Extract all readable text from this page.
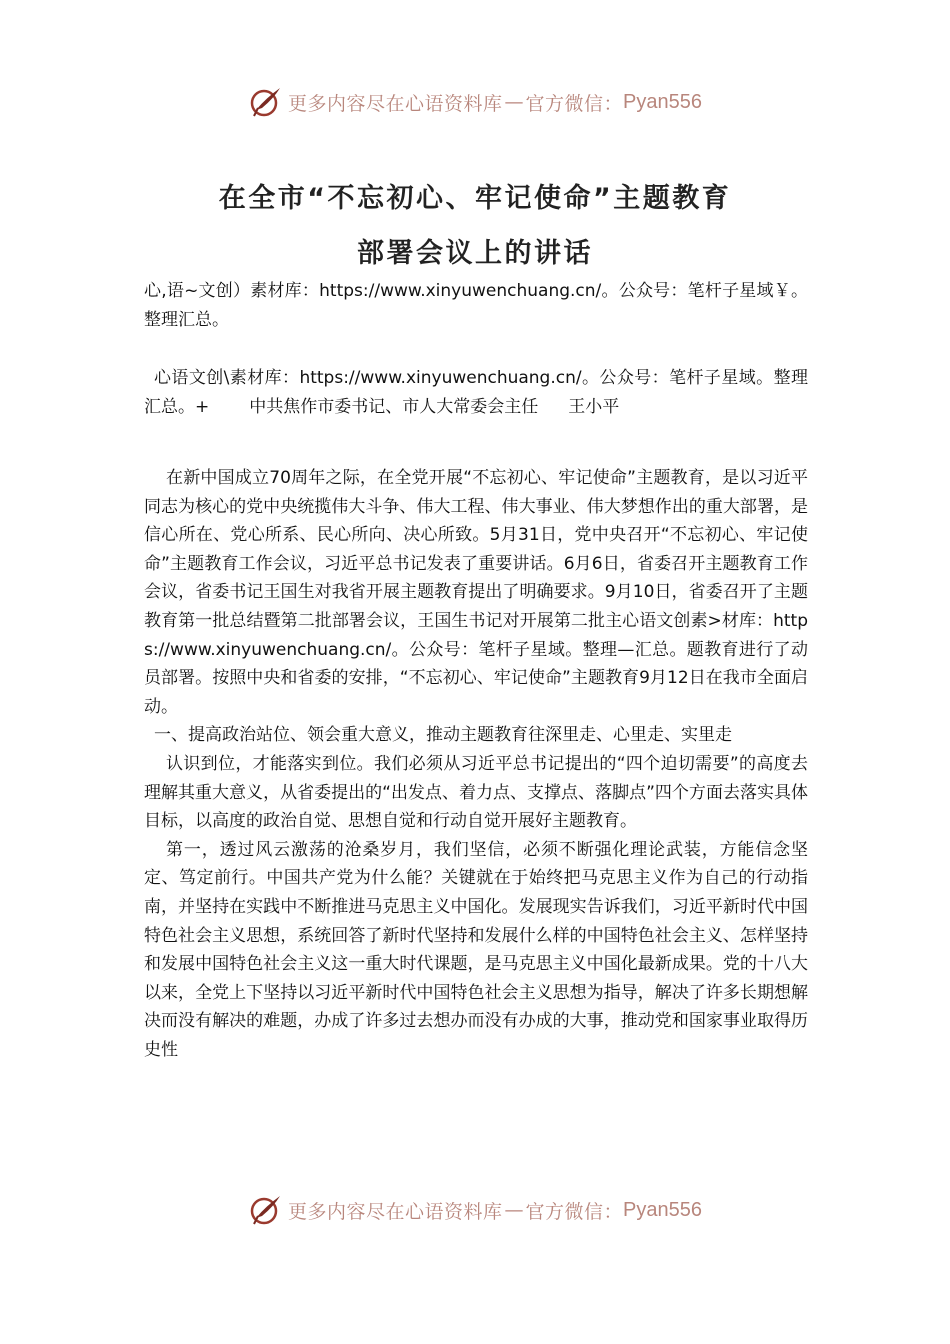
更多内容尽在心语资料库 — 官方微信： Pyan556
在全市“不忘初心、牢记使命”主题教育
部署会议上的讲话

心,语~文创）素材库：https://www.xinyuwenchuang.cn/。公众号：笔杆子星域￥。整理汇总。

心语文创\素材库：https://www.xinyuwenchuang.cn/。公众号：笔杆子星域。整理汇总。+ 中共焦作市委书记、市人大常委会主任 王小平

在新中国成立70周年之际，在全党开展“不忘初心、牢记使命”主题教育，是以习近平同志为核心的党中央统揽伟大斗争、伟大工程、伟大事业、伟大梦想作出的重大部署，是信心所在、党心所系、民心所向、决心所致。5月31日，党中央召开“不忘初心、牢记使命”主题教育工作会议，习近平总书记发表了重要讲话。6月6日，省委召开主题教育工作会议，省委书记王国生对我省开展主题教育提出了明确要求。9月10日，省委召开了主题教育第一批总结暨第二批部署会议，王国生书记对开展第二批主心语文创素>材库：https://www.xinyuwenchuang.cn/。公众号：笔杆子星域。整理—汇总。题教育进行了动员部署。按照中央和省委的安排，“不忘初心、牢记使命”主题教育9月12日在我市全面启动。

一、提高政治站位、领会重大意义，推动主题教育往深里走、心里走、实里走

认识到位，才能落实到位。我们必须从习近平总书记提出的“四个迫切需要”的高度去理解其重大意义，从省委提出的“出发点、着力点、支撑点、落脚点”四个方面去落实具体目标，以高度的政治自觉、思想自觉和行动自觉开展好主题教育。

第一，透过风云激荡的沧桑岁月，我们坚信，必须不断强化理论武装，方能信念坚定、笃定前行。中国共产党为什么能？关键就在于始终把马克思主义作为自己的行动指南，并坚持在实践中不断推进马克思主义中国化。发展现实告诉我们，习近平新时代中国特色社会主义思想，系统回答了新时代坚持和发展什么样的中国特色社会主义、怎样坚持和发展中国特色社会主义这一重大时代课题，是马克思主义中国化最新成果。党的十八大以来，全党上下坚持以习近平新时代中国特色社会主义思想为指导，解决了许多长期想解决而没有解决的难题，办成了许多过去想办而没有办成的大事，推动党和国家事业取得历史性

更多内容尽在心语资料库 — 官方微信： Pyan556
